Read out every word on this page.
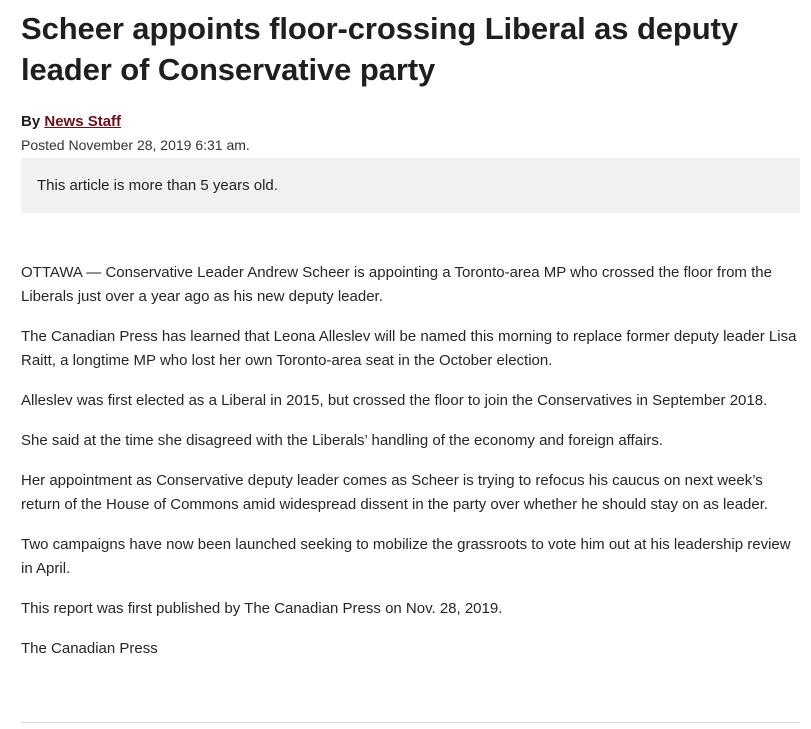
Scheer appoints floor-crossing Liberal as deputy leader of Conservative party
By News Staff
Posted November 28, 2019 6:31 am.
This article is more than 5 years old.

OTTAWA — Conservative Leader Andrew Scheer is appointing a Toronto-area MP who crossed the floor from the Liberals just over a year ago as his new deputy leader.

The Canadian Press has learned that Leona Alleslev will be named this morning to replace former deputy leader Lisa Raitt, a longtime MP who lost her own Toronto-area seat in the October election.

Alleslev was first elected as a Liberal in 2015, but crossed the floor to join the Conservatives in September 2018.

She said at the time she disagreed with the Liberals’ handling of the economy and foreign affairs.

Her appointment as Conservative deputy leader comes as Scheer is trying to refocus his caucus on next week’s return of the House of Commons amid widespread dissent in the party over whether he should stay on as leader.

Two campaigns have now been launched seeking to mobilize the grassroots to vote him out at his leadership review in April.

This report was first published by The Canadian Press on Nov. 28, 2019.

The Canadian Press
